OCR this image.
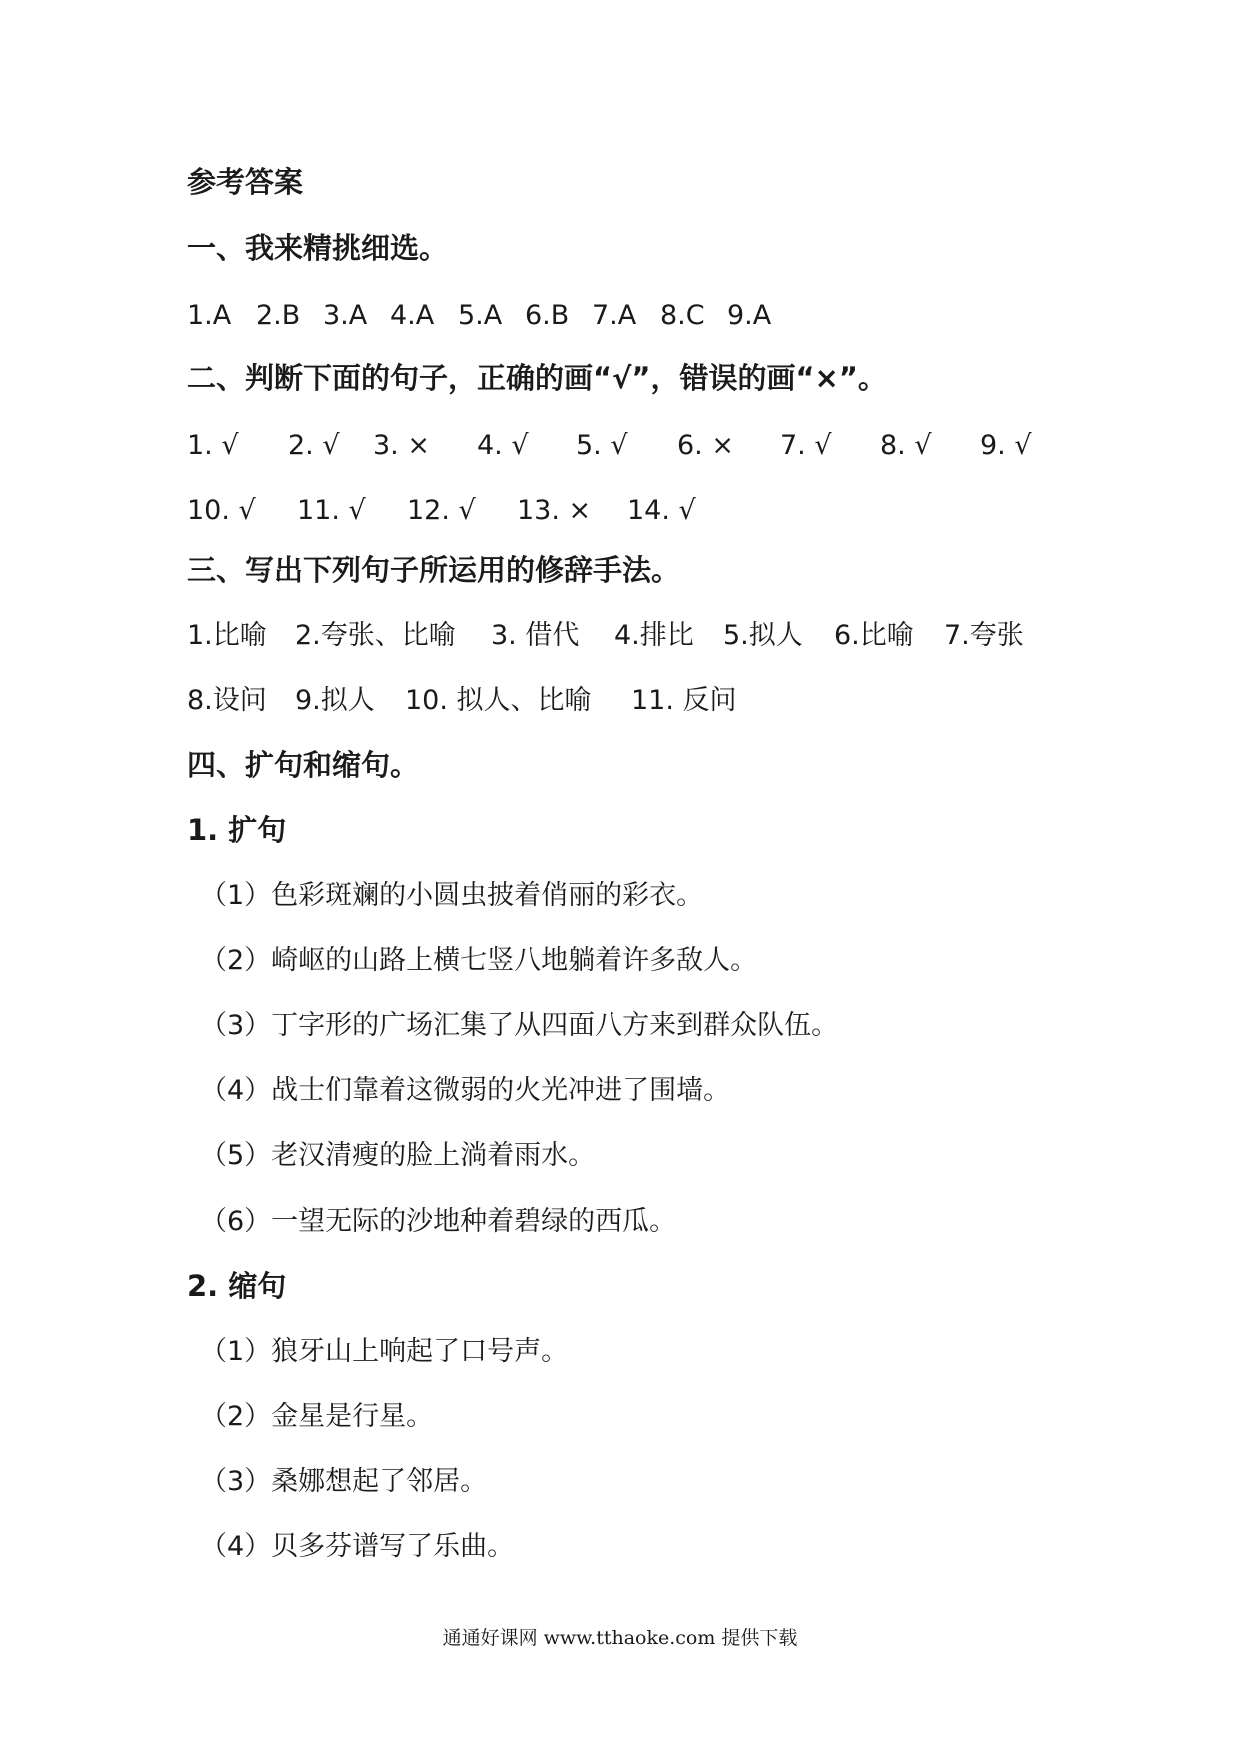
参考答案
一、我来精挑细选。
1.A 2.B 3.A 4.A 5.A 6.B 7.A 8.C 9.A
二、判断下面的句子，正确的画“√”，错误的画“×”。
1. √ 2. √ 3. × 4. √ 5. √ 6. × 7. √ 8. √ 9. √
10. √ 11. √ 12. √ 13. × 14. √
三、写出下列句子所运用的修辞手法。
1.比喻 2.夸张、比喻 3. 借代 4.排比 5.拟人 6.比喻 7.夸张
8.设问 9.拟人 10. 拟人、比喻 11. 反问
四、扩句和缩句。
1. 扩句
（1）色彩斑斓的小圆虫披着俏丽的彩衣。
（2）崎岖的山路上横七竖八地躺着许多敌人。
（3）丁字形的广场汇集了从四面八方来到群众队伍。
（4）战士们靠着这微弱的火光冲进了围墙。
（5）老汉清瘦的脸上淌着雨水。
（6）一望无际的沙地种着碧绿的西瓜。
2. 缩句
（1）狼牙山上响起了口号声。
（2）金星是行星。
（3）桑娜想起了邻居。
（4）贝多芬谱写了乐曲。
通通好课网 www.tthaoke.com 提供下载
